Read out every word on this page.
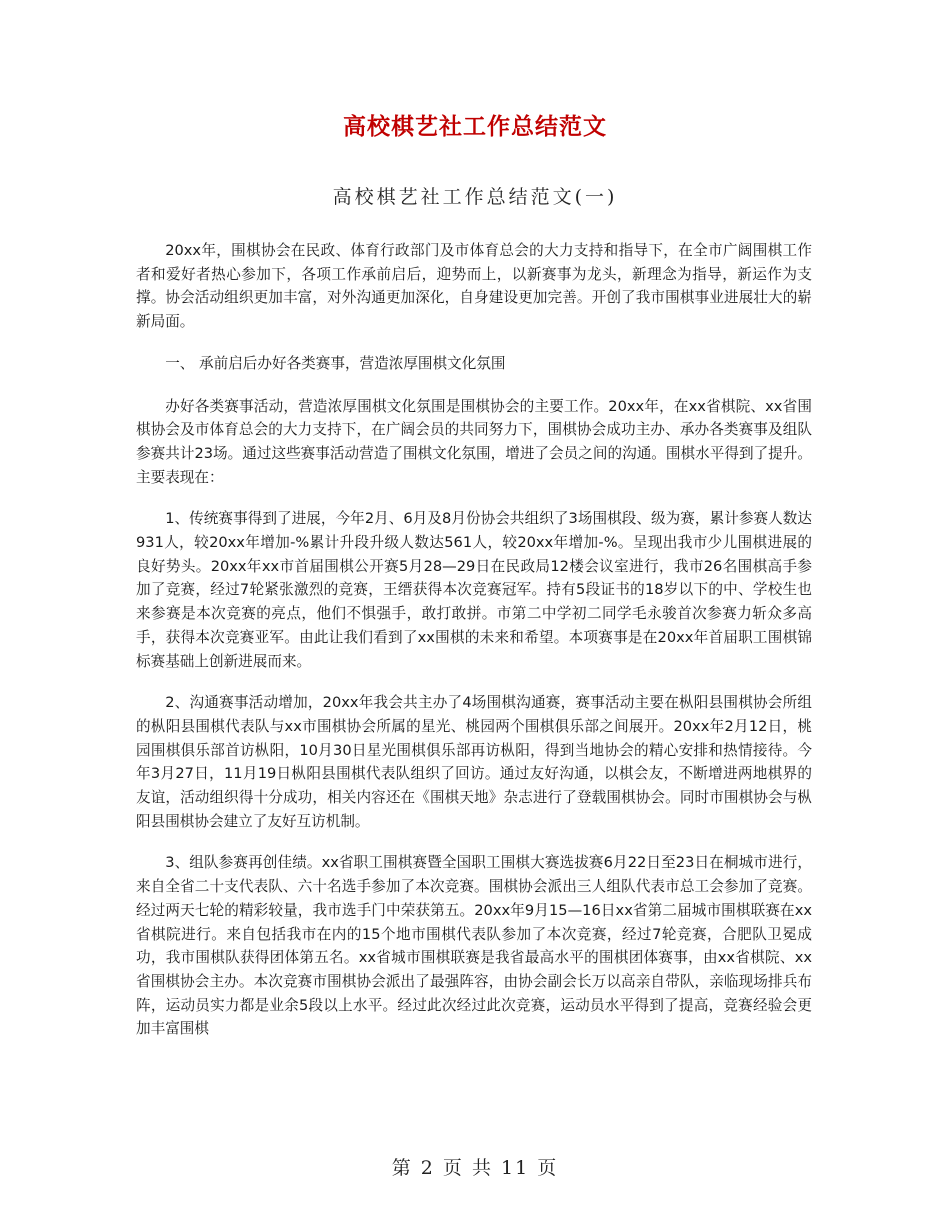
高校棋艺社工作总结范文
高校棋艺社工作总结范文(一)

20xx年，围棋协会在民政、体育行政部门及市体育总会的大力支持和指导下，在全市广阔围棋工作者和爱好者热心参加下，各项工作承前启后，迎势而上，以新赛事为龙头，新理念为指导，新运作为支撑。协会活动组织更加丰富，对外沟通更加深化，自身建设更加完善。开创了我市围棋事业进展壮大的崭新局面。

一、 承前启后办好各类赛事，营造浓厚围棋文化氛围

办好各类赛事活动，营造浓厚围棋文化氛围是围棋协会的主要工作。20xx年，在xx省棋院、xx省围棋协会及市体育总会的大力支持下，在广阔会员的共同努力下，围棋协会成功主办、承办各类赛事及组队参赛共计23场。通过这些赛事活动营造了围棋文化氛围，增进了会员之间的沟通。围棋水平得到了提升。主要表现在：

1、传统赛事得到了进展，今年2月、6月及8月份协会共组织了3场围棋段、级为赛，累计参赛人数达931人，较20xx年增加-%累计升段升级人数达561人，较20xx年增加-%。呈现出我市少儿围棋进展的良好势头。20xx年xx市首届围棋公开赛5月28—29日在民政局12楼会议室进行，我市26名围棋高手参加了竞赛，经过7轮紧张激烈的竞赛，王缙获得本次竞赛冠军。持有5段证书的18岁以下的中、学校生也来参赛是本次竞赛的亮点，他们不惧强手，敢打敢拼。市第二中学初二同学毛永骏首次参赛力斩众多高手，获得本次竞赛亚军。由此让我们看到了xx围棋的未来和希望。本项赛事是在20xx年首届职工围棋锦标赛基础上创新进展而来。

2、沟通赛事活动增加，20xx年我会共主办了4场围棋沟通赛，赛事活动主要在枞阳县围棋协会所组的枞阳县围棋代表队与xx市围棋协会所属的星光、桃园两个围棋俱乐部之间展开。20xx年2月12日，桃园围棋俱乐部首访枞阳，10月30日星光围棋俱乐部再访枞阳，得到当地协会的精心安排和热情接待。今年3月27日，11月19日枞阳县围棋代表队组织了回访。通过友好沟通，以棋会友，不断增进两地棋界的友谊，活动组织得十分成功，相关内容还在《围棋天地》杂志进行了登载围棋协会。同时市围棋协会与枞阳县围棋协会建立了友好互访机制。

3、组队参赛再创佳绩。xx省职工围棋赛暨全国职工围棋大赛选拔赛6月22日至23日在桐城市进行，来自全省二十支代表队、六十名选手参加了本次竞赛。围棋协会派出三人组队代表市总工会参加了竞赛。经过两天七轮的精彩较量，我市选手门中荣获第五。20xx年9月15—16日xx省第二届城市围棋联赛在xx省棋院进行。来自包括我市在内的15个地市围棋代表队参加了本次竞赛，经过7轮竞赛，合肥队卫冕成功，我市围棋队获得团体第五名。xx省城市围棋联赛是我省最高水平的围棋团体赛事，由xx省棋院、xx省围棋协会主办。本次竞赛市围棋协会派出了最强阵容，由协会副会长万以高亲自带队，亲临现场排兵布阵，运动员实力都是业余5段以上水平。经过此次经过此次竞赛，运动员水平得到了提高，竞赛经验会更加丰富围棋

第 2 页 共 11 页
